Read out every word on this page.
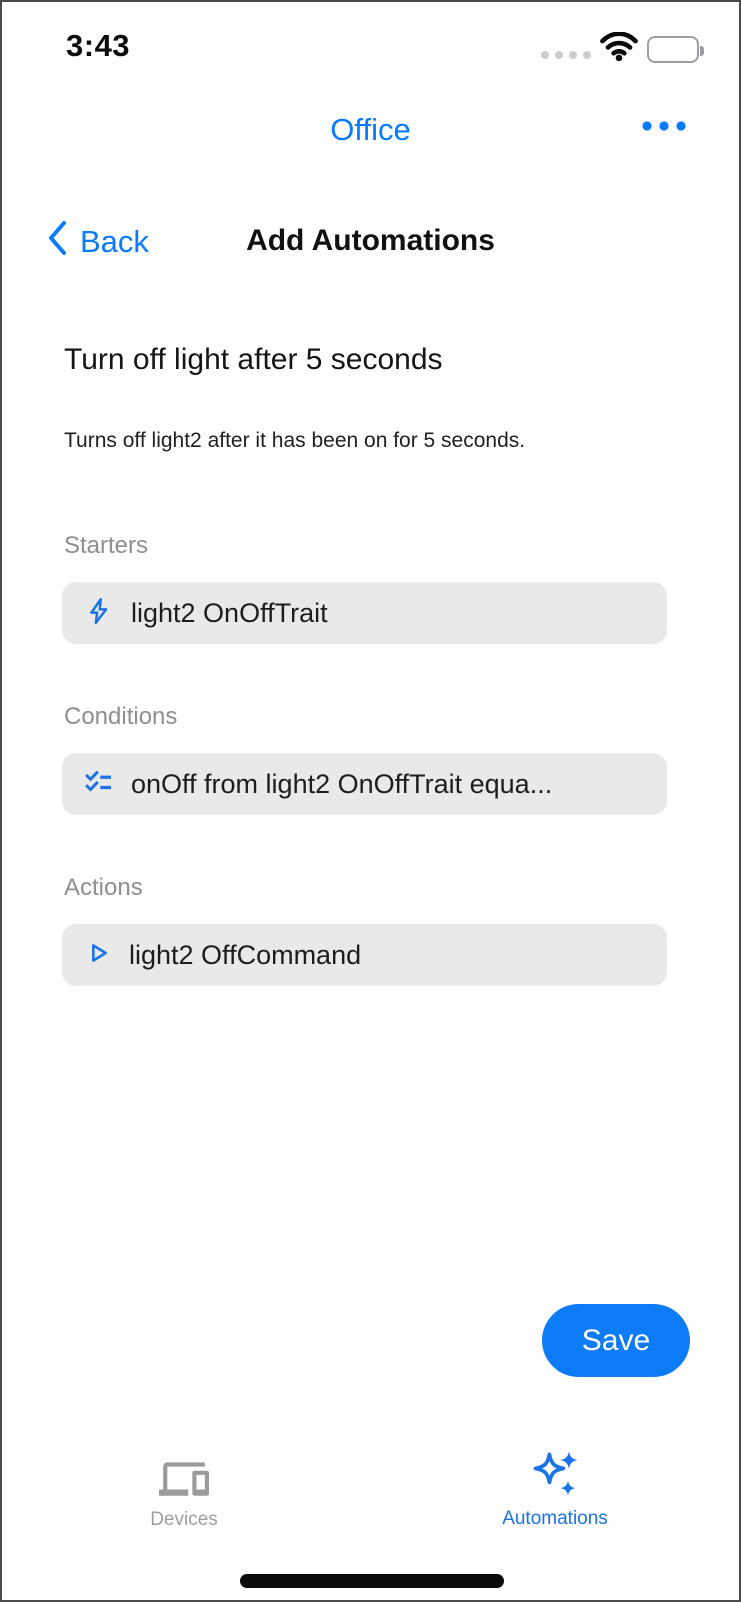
3:43
Office
Back	Add Automations
Turn off light after 5 seconds
Turns off light2 after it has been on for 5 seconds.
Starters
light2 OnOffTrait
Conditions
onOff from light2 OnOffTrait equa...
Actions
light2 OffCommand
Save
Devices	Automations
